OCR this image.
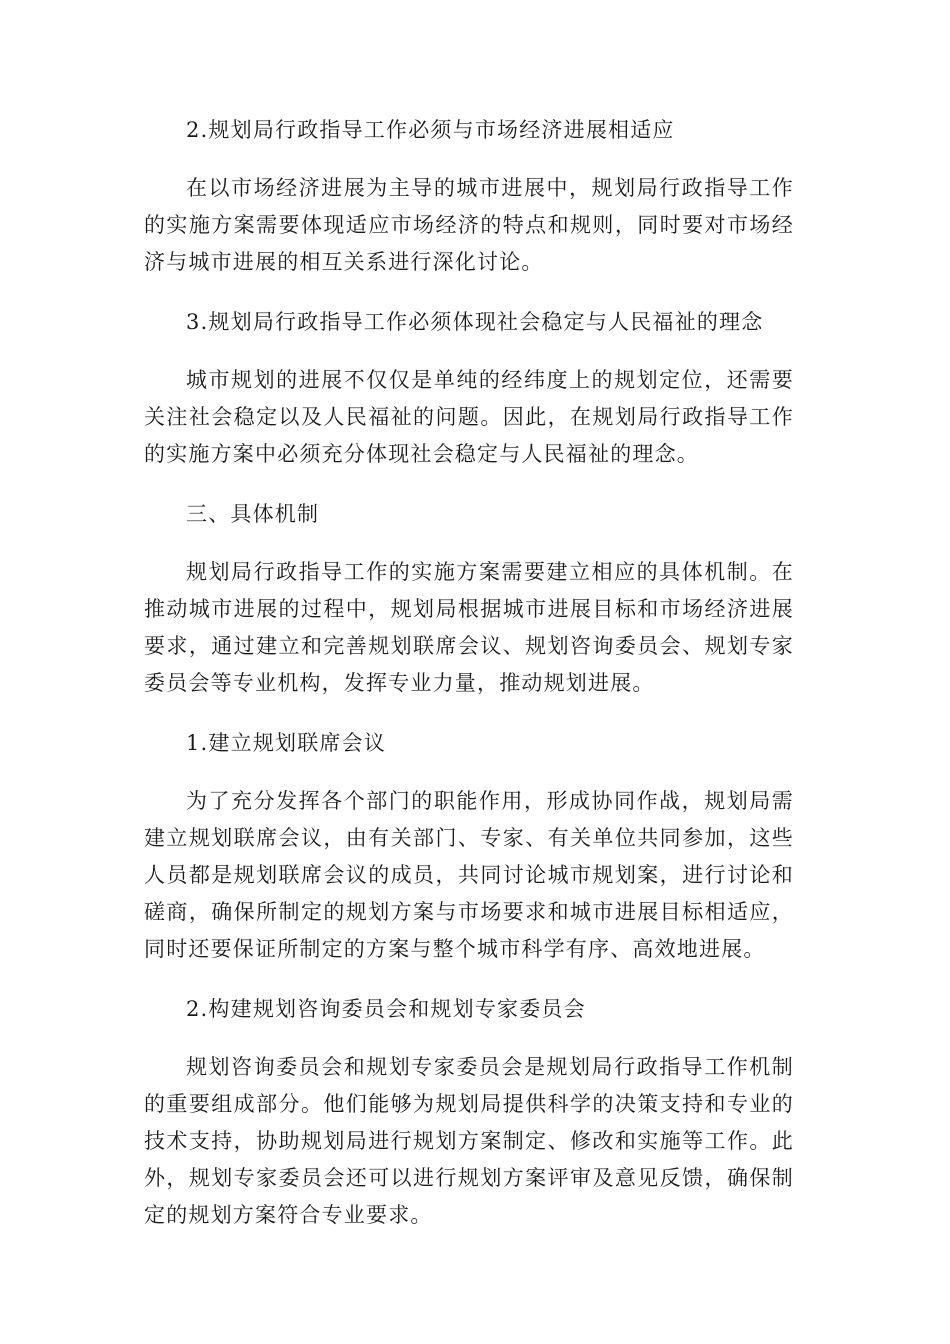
2.规划局行政指导工作必须与市场经济进展相适应

在以市场经济进展为主导的城市进展中，规划局行政指导工作的实施方案需要体现适应市场经济的特点和规则，同时要对市场经济与城市进展的相互关系进行深化讨论。

3.规划局行政指导工作必须体现社会稳定与人民福祉的理念

城市规划的进展不仅仅是单纯的经纬度上的规划定位，还需要关注社会稳定以及人民福祉的问题。因此，在规划局行政指导工作的实施方案中必须充分体现社会稳定与人民福祉的理念。

三、具体机制

规划局行政指导工作的实施方案需要建立相应的具体机制。在推动城市进展的过程中，规划局根据城市进展目标和市场经济进展要求，通过建立和完善规划联席会议、规划咨询委员会、规划专家委员会等专业机构，发挥专业力量，推动规划进展。

1.建立规划联席会议

为了充分发挥各个部门的职能作用，形成协同作战，规划局需建立规划联席会议，由有关部门、专家、有关单位共同参加，这些人员都是规划联席会议的成员，共同讨论城市规划案，进行讨论和磋商，确保所制定的规划方案与市场要求和城市进展目标相适应，同时还要保证所制定的方案与整个城市科学有序、高效地进展。

2.构建规划咨询委员会和规划专家委员会

规划咨询委员会和规划专家委员会是规划局行政指导工作机制的重要组成部分。他们能够为规划局提供科学的决策支持和专业的技术支持，协助规划局进行规划方案制定、修改和实施等工作。此外，规划专家委员会还可以进行规划方案评审及意见反馈，确保制定的规划方案符合专业要求。
